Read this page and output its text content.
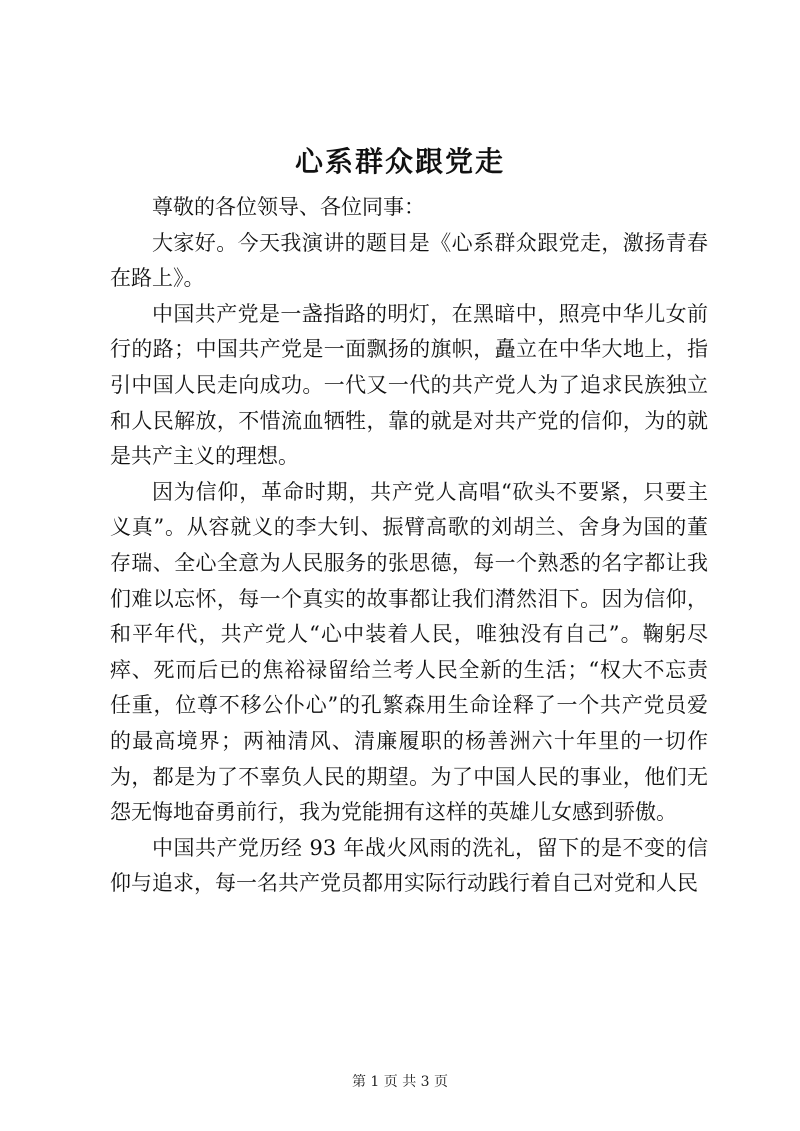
心系群众跟党走

尊敬的各位领导、各位同事：

大家好。今天我演讲的题目是《心系群众跟党走，激扬青春在路上》。

中国共产党是一盏指路的明灯，在黑暗中，照亮中华儿女前行的路；中国共产党是一面飘扬的旗帜，矗立在中华大地上，指引中国人民走向成功。一代又一代的共产党人为了追求民族独立和人民解放，不惜流血牺牲，靠的就是对共产党的信仰，为的就是共产主义的理想。

因为信仰，革命时期，共产党人高唱“砍头不要紧，只要主义真”。从容就义的李大钊、振臂高歌的刘胡兰、舍身为国的董存瑞、全心全意为人民服务的张思德，每一个熟悉的名字都让我们难以忘怀，每一个真实的故事都让我们潸然泪下。因为信仰，和平年代，共产党人“心中装着人民，唯独没有自己”。鞠躬尽瘁、死而后已的焦裕禄留给兰考人民全新的生活；“权大不忘责任重，位尊不移公仆心”的孔繁森用生命诠释了一个共产党员爱的最高境界；两袖清风、清廉履职的杨善洲六十年里的一切作为，都是为了不辜负人民的期望。为了中国人民的事业，他们无怨无悔地奋勇前行，我为党能拥有这样的英雄儿女感到骄傲。

中国共产党历经 93 年战火风雨的洗礼，留下的是不变的信仰与追求，每一名共产党员都用实际行动践行着自己对党和人民

第 1 页 共 3 页
